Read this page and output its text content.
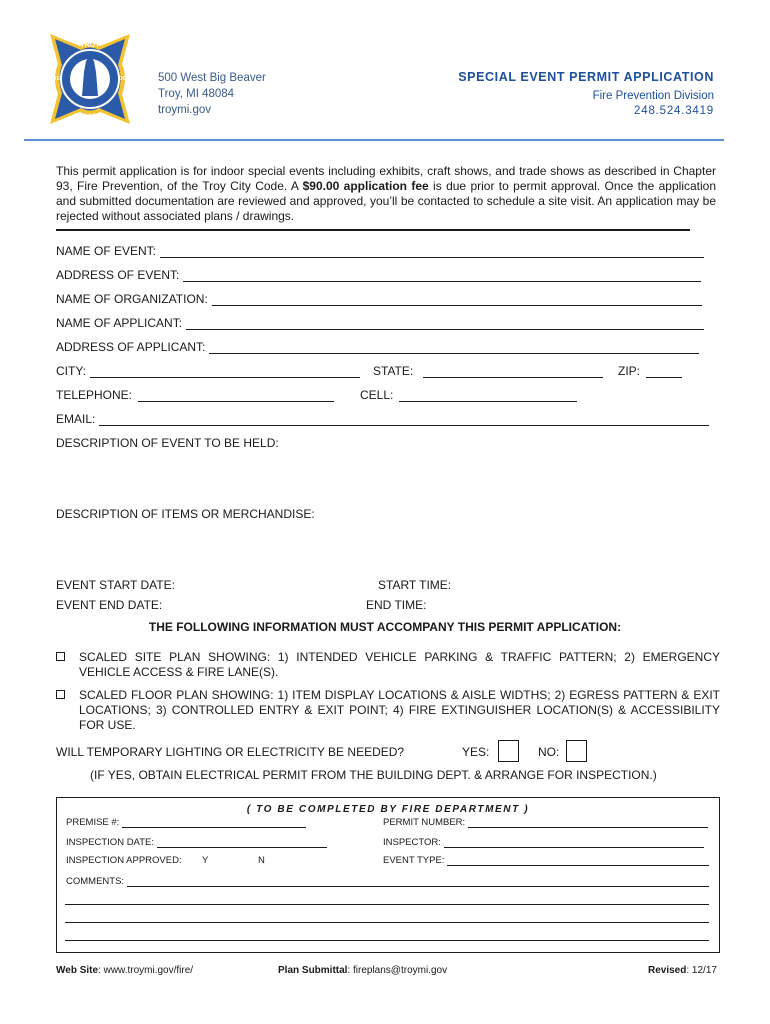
TROY
MICHIGAN
FIRE	DEPT 500 West Big Beaver
Troy, MI 48084
troymi.gov
SPECIAL EVENT PERMIT APPLICATION
Fire Prevention Division
248.524.3419
This permit application is for indoor special events including exhibits, craft shows, and trade shows as described in Chapter 93, Fire Prevention, of the Troy City Code. A $90.00 application fee is due prior to permit approval. Once the application and submitted documentation are reviewed and approved, you’ll be contacted to schedule a site visit. An application may be rejected without associated plans / drawings.
NAME OF EVENT:
ADDRESS OF EVENT:
NAME OF ORGANIZATION:
NAME OF APPLICANT:
ADDRESS OF APPLICANT:
CITY:	STATE:	ZIP:
TELEPHONE:	CELL:
EMAIL:
DESCRIPTION OF EVENT TO BE HELD:
DESCRIPTION OF ITEMS OR MERCHANDISE:
EVENT START DATE:	START TIME:
EVENT END DATE:	END TIME:
THE FOLLOWING INFORMATION MUST ACCOMPANY THIS PERMIT APPLICATION:
SCALED SITE PLAN SHOWING: 1) INTENDED VEHICLE PARKING & TRAFFIC PATTERN; 2) EMERGENCY VEHICLE ACCESS & FIRE LANE(S).
SCALED FLOOR PLAN SHOWING: 1) ITEM DISPLAY LOCATIONS & AISLE WIDTHS; 2) EGRESS PATTERN & EXIT LOCATIONS; 3) CONTROLLED ENTRY & EXIT POINT; 4) FIRE EXTINGUISHER LOCATION(S) & ACCESSIBILITY FOR USE.
WILL TEMPORARY LIGHTING OR ELECTRICITY BE NEEDED?	YES:	NO:
(IF YES, OBTAIN ELECTRICAL PERMIT FROM THE BUILDING DEPT. & ARRANGE FOR INSPECTION.)
( TO BE COMPLETED BY FIRE DEPARTMENT )
PREMISE #:	PERMIT NUMBER:
INSPECTION DATE:	INSPECTOR:
INSPECTION APPROVED: Y	N	EVENT TYPE:
COMMENTS:
Web Site: www.troymi.gov/fire/	Plan Submittal: fireplans@troymi.gov	Revised: 12/17
